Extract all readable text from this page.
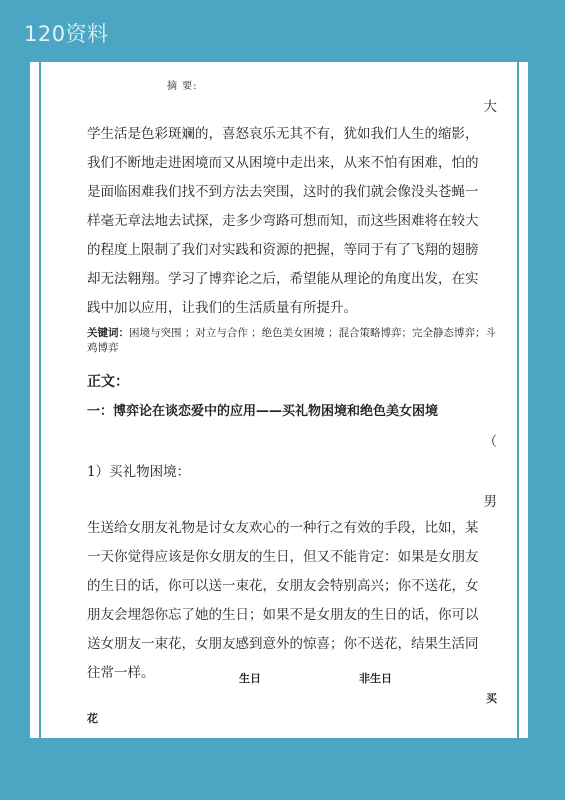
120资料
摘 要:
大

学生活是色彩斑斓的，喜怒哀乐无其不有，犹如我们人生的缩影，

我们不断地走进困境而又从困境中走出来，从来不怕有困难，怕的

是面临困难我们找不到方法去突围，这时的我们就会像没头苍蝇一

样毫无章法地去试探，走多少弯路可想而知，而这些困难将在较大

的程度上限制了我们对实践和资源的把握，等同于有了飞翔的翅膀

却无法翱翔。学习了博弈论之后，希望能从理论的角度出发，在实

践中加以应用，让我们的生活质量有所提升。

关键词：困境与突围 ；对立与合作 ；绝色美女困境 ；混合策略博弈；完全静态博弈；斗鸡博弈
正文：
一：博弈论在谈恋爱中的应用——买礼物困境和绝色美女困境
（
1）买礼物困境：
男

生送给女朋友礼物是讨女友欢心的一种行之有效的手段，比如，某

一天你觉得应该是你女朋友的生日，但又不能肯定：如果是女朋友

的生日的话，你可以送一束花，女朋友会特别高兴；你不送花，女

朋友会埋怨你忘了她的生日；如果不是女朋友的生日的话，你可以

送女朋友一束花，女朋友感到意外的惊喜；你不送花，结果生活同

往常一样。	生日	非生日
买
花
